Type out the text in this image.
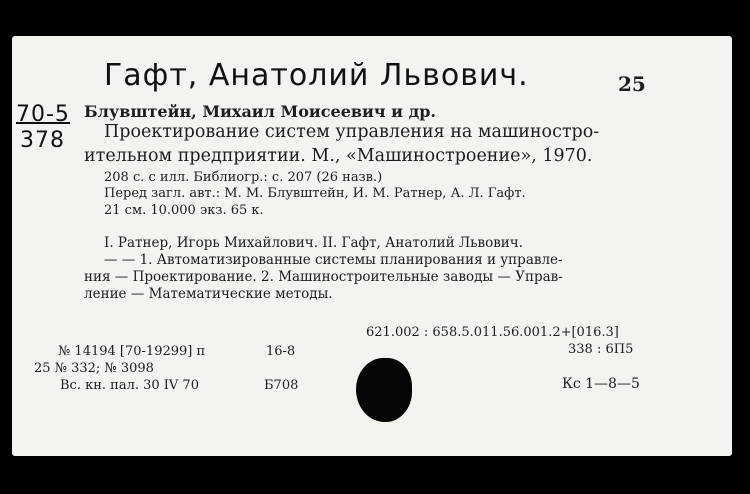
Гафт, Анатолий Львович.	25
70-5
378
Блувштейн, Михаил Моисеевич и др.
Проектирование систем управления на машиностро-
ительном предприятии. М., «Машиностроение», 1970.
208 с. с илл. Библиогр.: с. 207 (26 назв.)
Перед загл. авт.: М. М. Блувштейн, И. М. Ратнер, А. Л. Гафт.
21 см. 10.000 экз. 65 к.
I. Ратнер, Игорь Михайлович. II. Гафт, Анатолий Львович.
— — 1. Автоматизированные системы планирования и управле-
ния — Проектирование. 2. Машиностроительные заводы — Управ-
ление — Математические методы.
621.002 : 658.5.011.56.001.2+[016.3]
338 : 6П5
№ 14194 [70-19299] п	16-8
25 № 332; № 3098
Вс. кн. пал. 30 IV 70	Б708	Кс 1—8—5
